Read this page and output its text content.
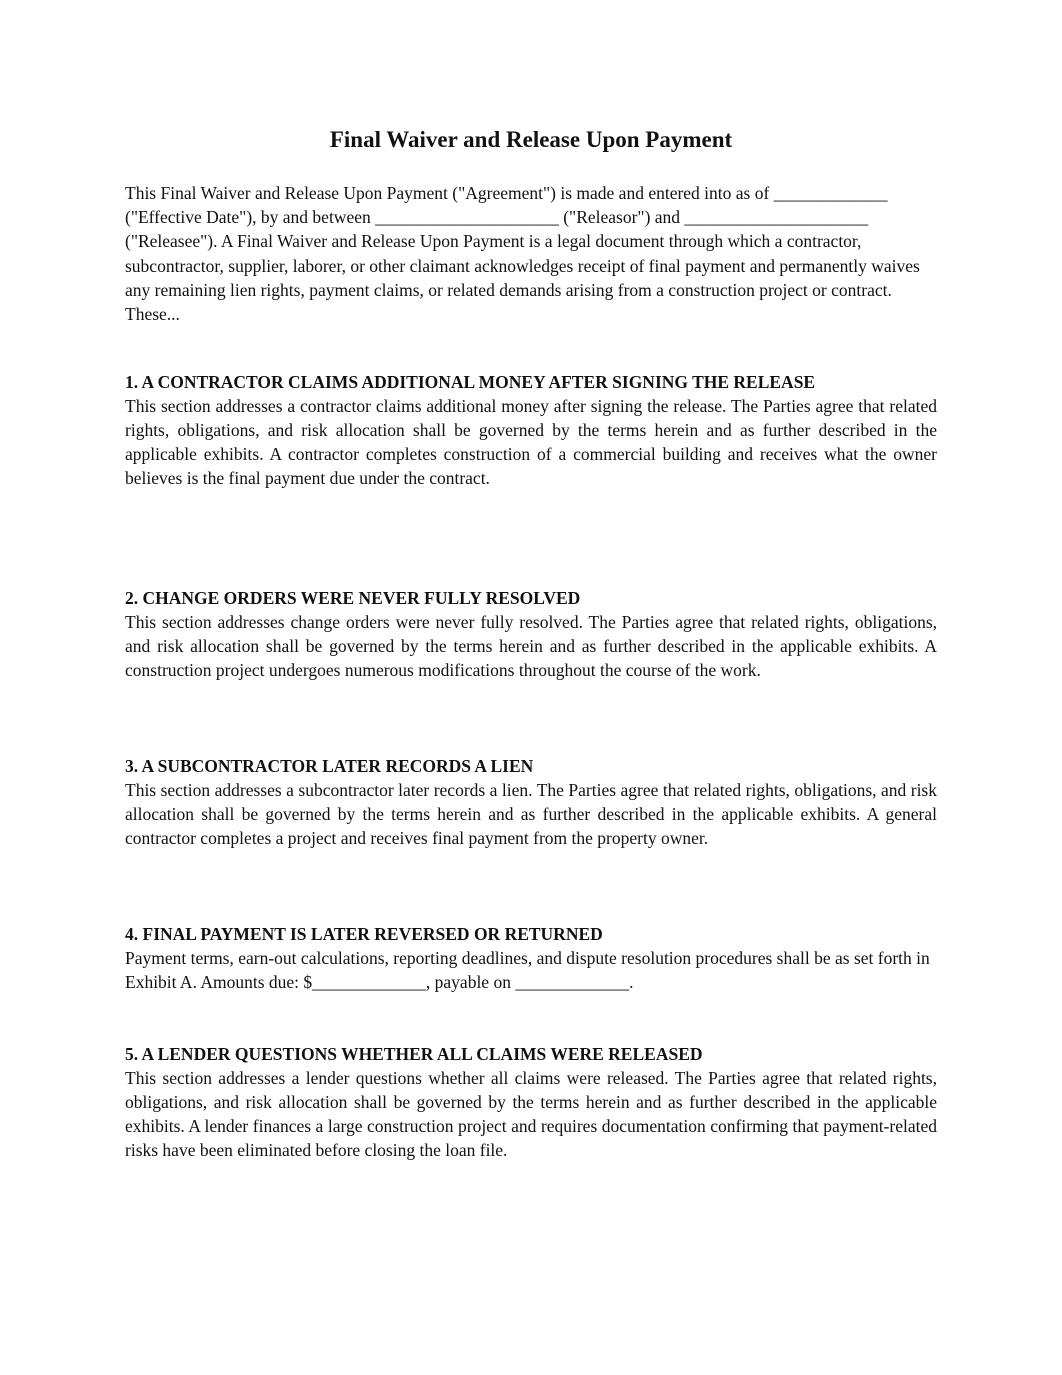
Final Waiver and Release Upon Payment

This Final Waiver and Release Upon Payment ("Agreement") is made and entered into as of _____________ ("Effective Date"), by and between _____________________ ("Releasor") and _____________________ ("Releasee"). A Final Waiver and Release Upon Payment is a legal document through which a contractor, subcontractor, supplier, laborer, or other claimant acknowledges receipt of final payment and permanently waives any remaining lien rights, payment claims, or related demands arising from a construction project or contract. These...

1. A CONTRACTOR CLAIMS ADDITIONAL MONEY AFTER SIGNING THE RELEASE

This section addresses a contractor claims additional money after signing the release. The Parties agree that related rights, obligations, and risk allocation shall be governed by the terms herein and as further described in the applicable exhibits. A contractor completes construction of a commercial building and receives what the owner believes is the final payment due under the contract.

2. CHANGE ORDERS WERE NEVER FULLY RESOLVED

This section addresses change orders were never fully resolved. The Parties agree that related rights, obligations, and risk allocation shall be governed by the terms herein and as further described in the applicable exhibits. A construction project undergoes numerous modifications throughout the course of the work.

3. A SUBCONTRACTOR LATER RECORDS A LIEN

This section addresses a subcontractor later records a lien. The Parties agree that related rights, obligations, and risk allocation shall be governed by the terms herein and as further described in the applicable exhibits. A general contractor completes a project and receives final payment from the property owner.

4. FINAL PAYMENT IS LATER REVERSED OR RETURNED

Payment terms, earn-out calculations, reporting deadlines, and dispute resolution procedures shall be as set forth in Exhibit A. Amounts due: $_____________, payable on _____________.

5. A LENDER QUESTIONS WHETHER ALL CLAIMS WERE RELEASED

This section addresses a lender questions whether all claims were released. The Parties agree that related rights, obligations, and risk allocation shall be governed by the terms herein and as further described in the applicable exhibits. A lender finances a large construction project and requires documentation confirming that payment-related risks have been eliminated before closing the loan file.
